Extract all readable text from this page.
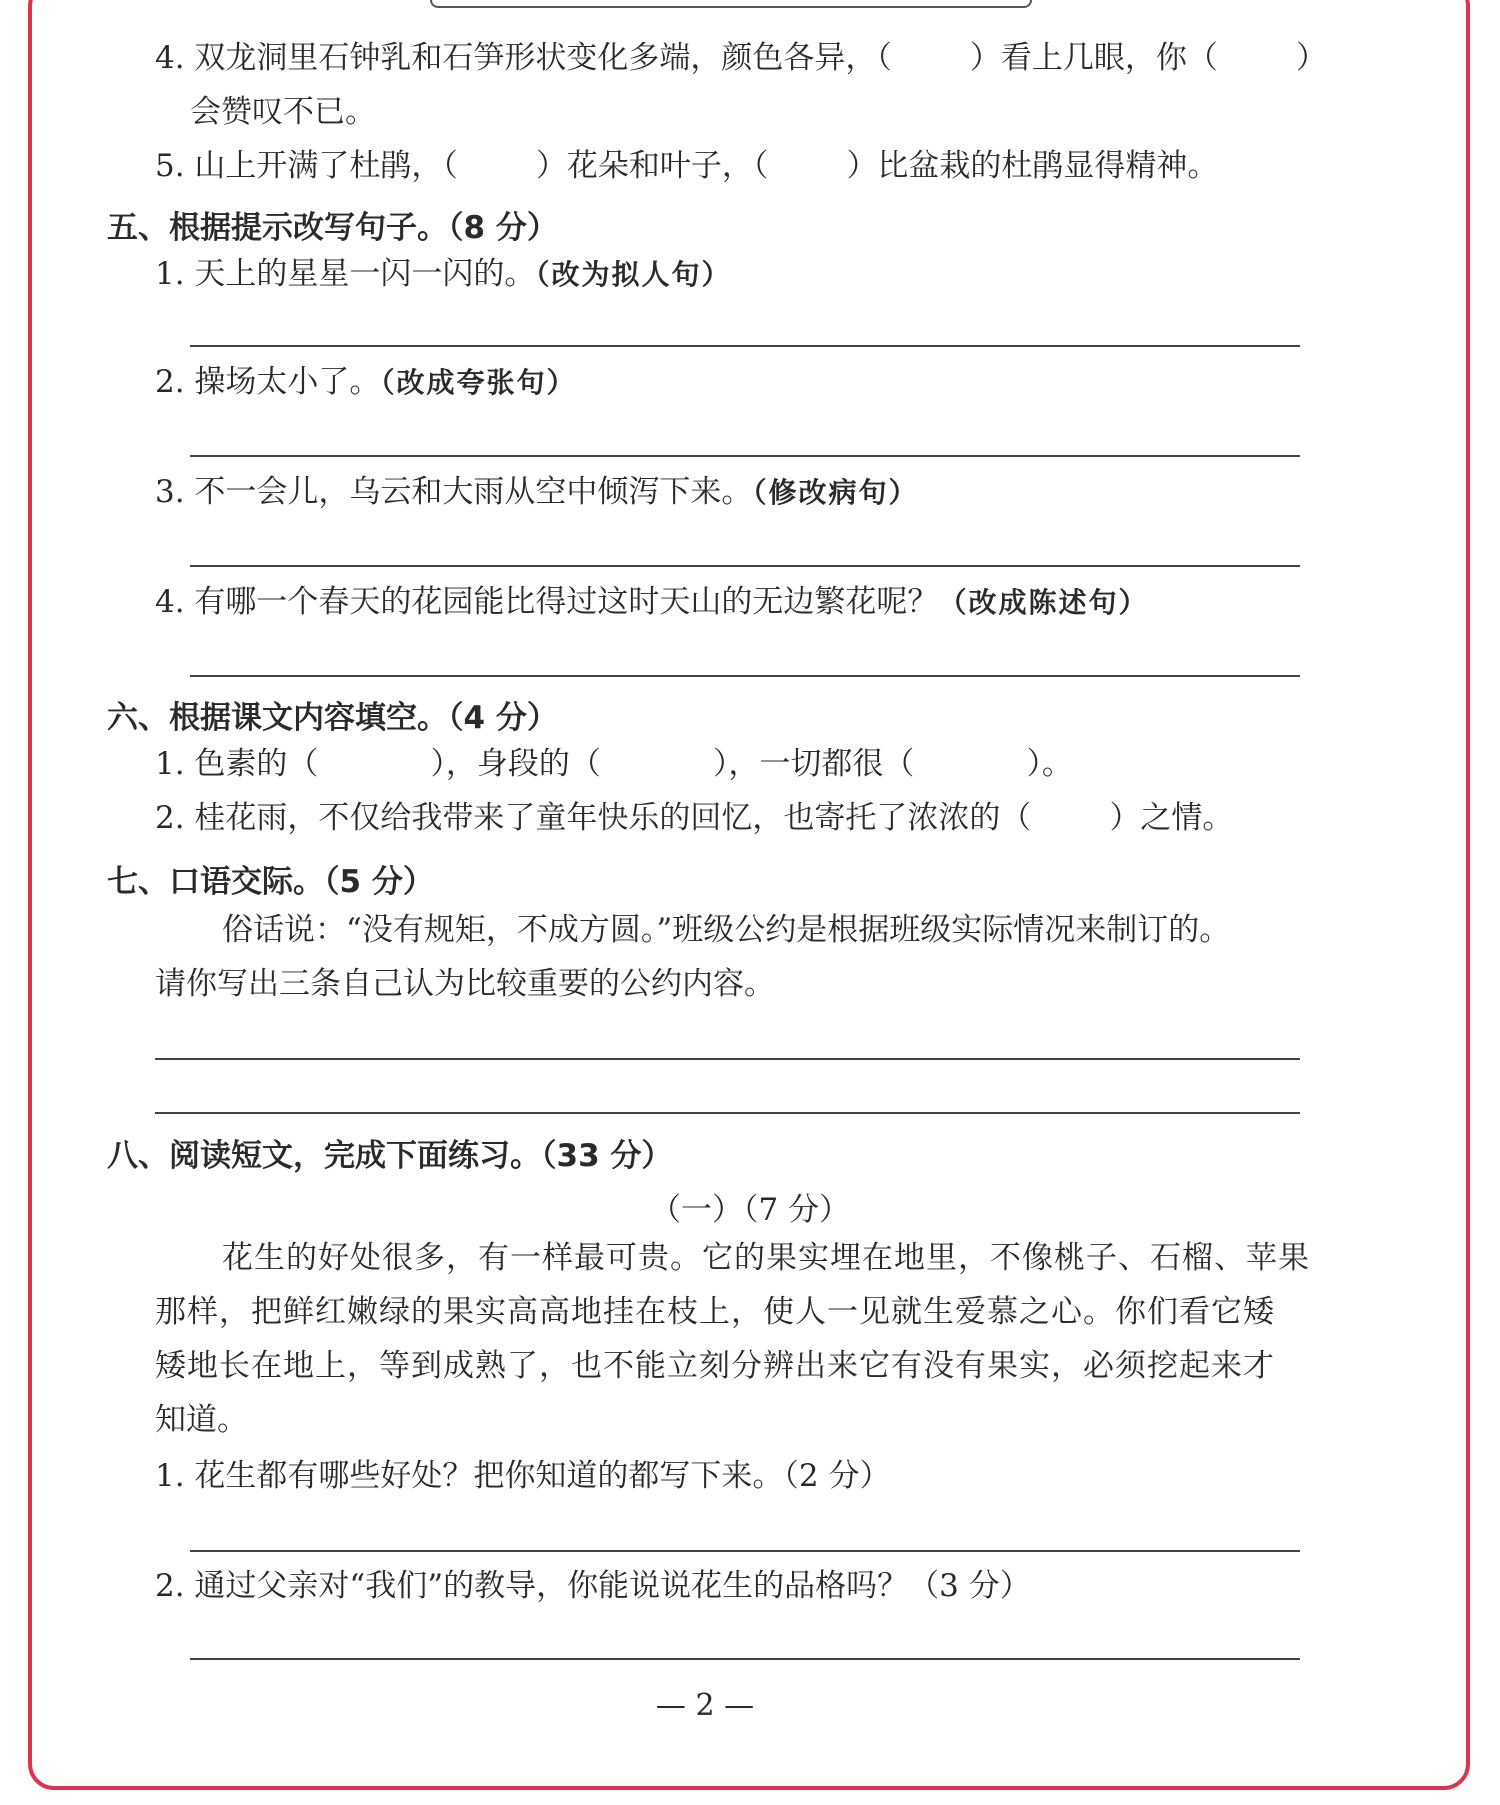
4. 双龙洞里石钟乳和石笋形状变化多端，颜色各异，（	）看上几眼，你（	）
会赞叹不已。
5. 山上开满了杜鹃，（	）花朵和叶子，（	）比盆栽的杜鹃显得精神。
五、根据提示改写句子。（8 分）
1. 天上的星星一闪一闪的。（改为拟人句）
2. 操场太小了。（改成夸张句）
3. 不一会儿，乌云和大雨从空中倾泻下来。（修改病句）
4. 有哪一个春天的花园能比得过这时天山的无边繁花呢？（改成陈述句）
六、根据课文内容填空。（4 分）
1. 色素的（	），身段的（	），一切都很（	）。
2. 桂花雨，不仅给我带来了童年快乐的回忆，也寄托了浓浓的（	）之情。
七、口语交际。（5 分）
俗话说：“没有规矩，不成方圆。”班级公约是根据班级实际情况来制订的。
请你写出三条自己认为比较重要的公约内容。
八、阅读短文，完成下面练习。（33 分）
（一）（7 分）
花生的好处很多，有一样最可贵。它的果实埋在地里，不像桃子、石榴、苹果
那样，把鲜红嫩绿的果实高高地挂在枝上，使人一见就生爱慕之心。你们看它矮
矮地长在地上，等到成熟了，也不能立刻分辨出来它有没有果实，必须挖起来才
知道。
1. 花生都有哪些好处？把你知道的都写下来。（2 分）
2. 通过父亲对“我们”的教导，你能说说花生的品格吗？（3 分）
— 2 —
